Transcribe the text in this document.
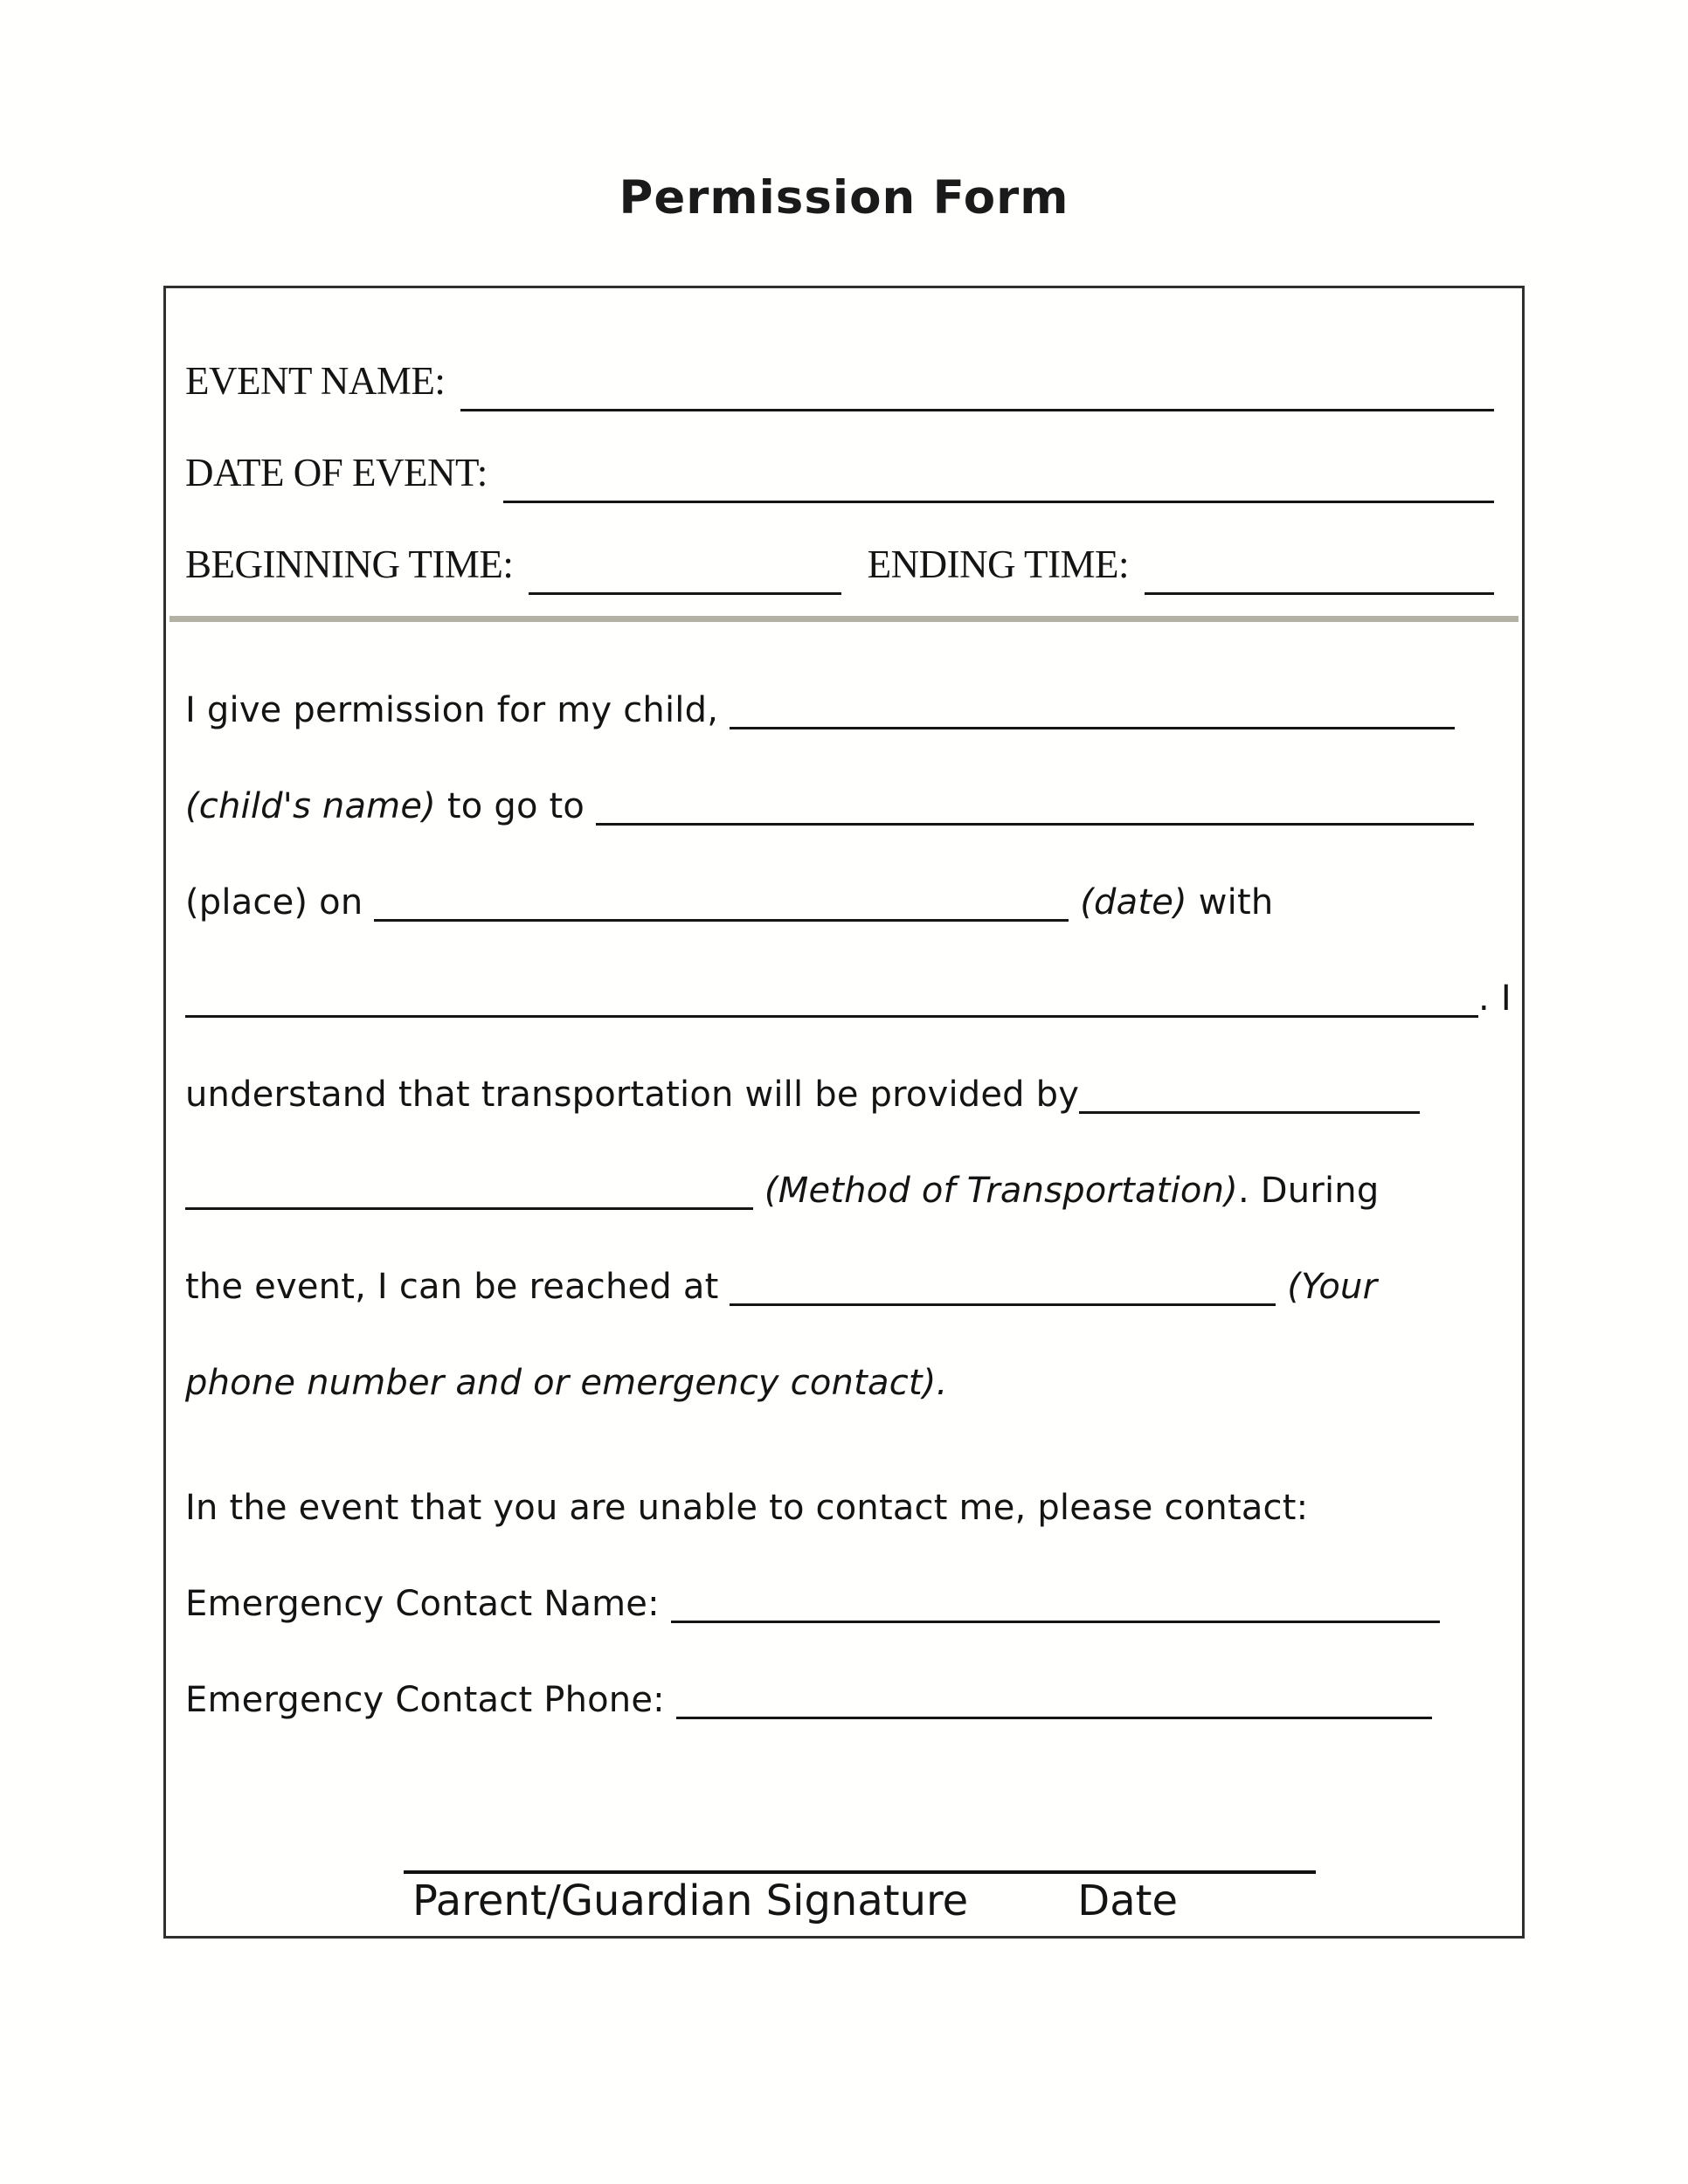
Permission Form
EVENT NAME:
DATE OF EVENT:
BEGINNING TIME:	ENDING TIME:
I give permission for my child,
(child's name) to go to
(place) on	(date) with
. I
understand that transportation will be provided by
(Method of Transportation). During
the event, I can be reached at	(Your
phone number and or emergency contact).
In the event that you are unable to contact me, please contact:
Emergency Contact Name:
Emergency Contact Phone:
Parent/Guardian Signature	Date
